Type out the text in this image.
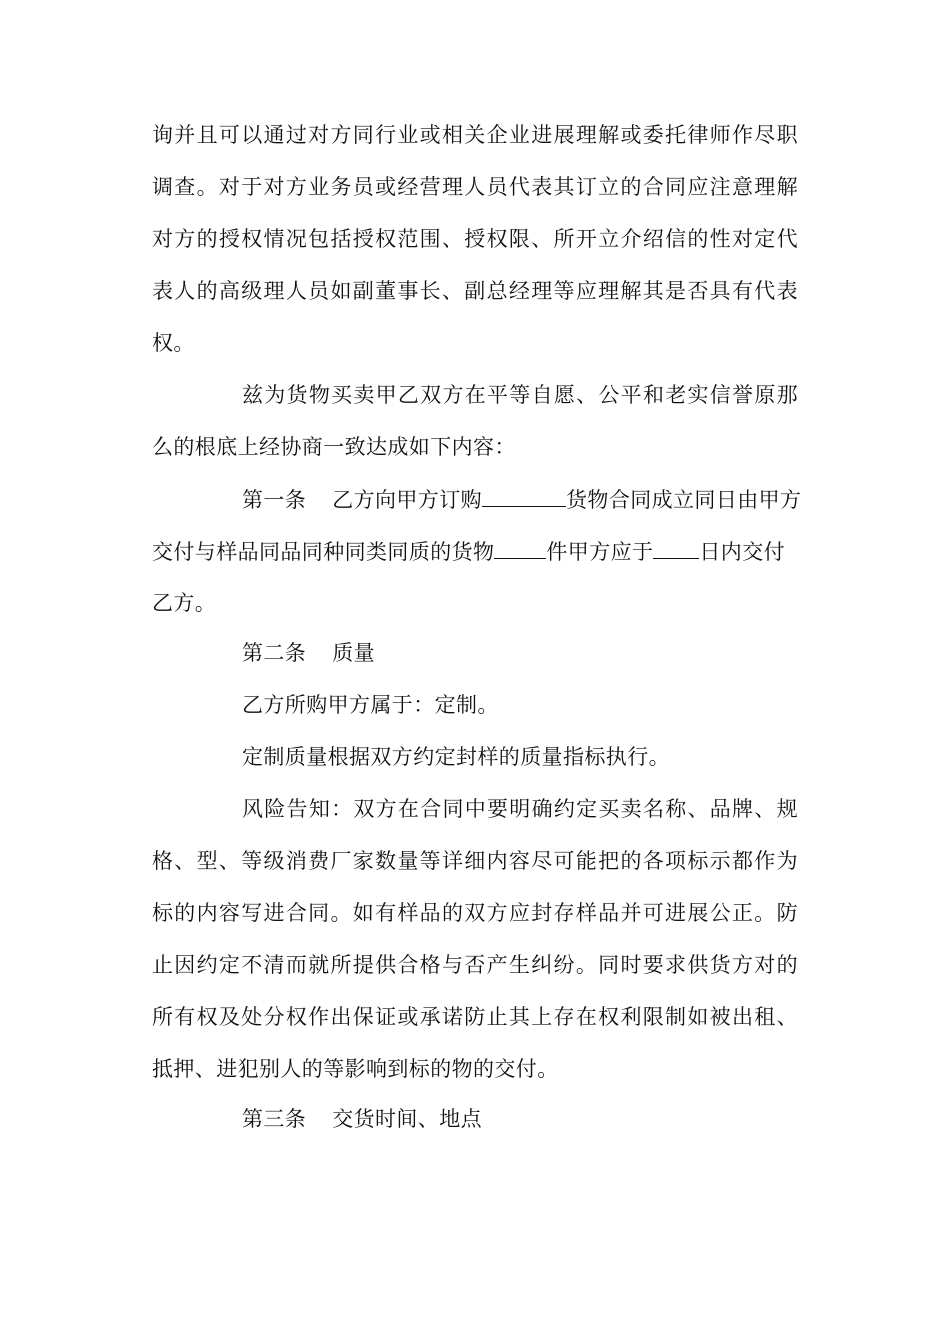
询并且可以通过对方同行业或相关企业进展理解或委托律师作尽职
调查。对于对方业务员或经营理人员代表其订立的合同应注意理解
对方的授权情况包括授权范围、授权限、所开立介绍信的性对定代
表人的高级理人员如副董事长、副总经理等应理解其是否具有代表
权。
兹为货物买卖甲乙双方在平等自愿、公平和老实信誉原那
么的根底上经协商一致达成如下内容：
第一条 乙方向甲方订购	货物合同成立同日由甲方
交付与样品同品同种同类同质的货物 件甲方应于 日内交付
乙方。
第二条 质量
乙方所购甲方属于：定制。
定制质量根据双方约定封样的质量指标执行。
风险告知：双方在合同中要明确约定买卖名称、品牌、规
格、型、等级消费厂家数量等详细内容尽可能把的各项标示都作为
标的内容写进合同。如有样品的双方应封存样品并可进展公正。防
止因约定不清而就所提供合格与否产生纠纷。同时要求供货方对的
所有权及处分权作出保证或承诺防止其上存在权利限制如被出租、
抵押、进犯别人的等影响到标的物的交付。
第三条 交货时间、地点
